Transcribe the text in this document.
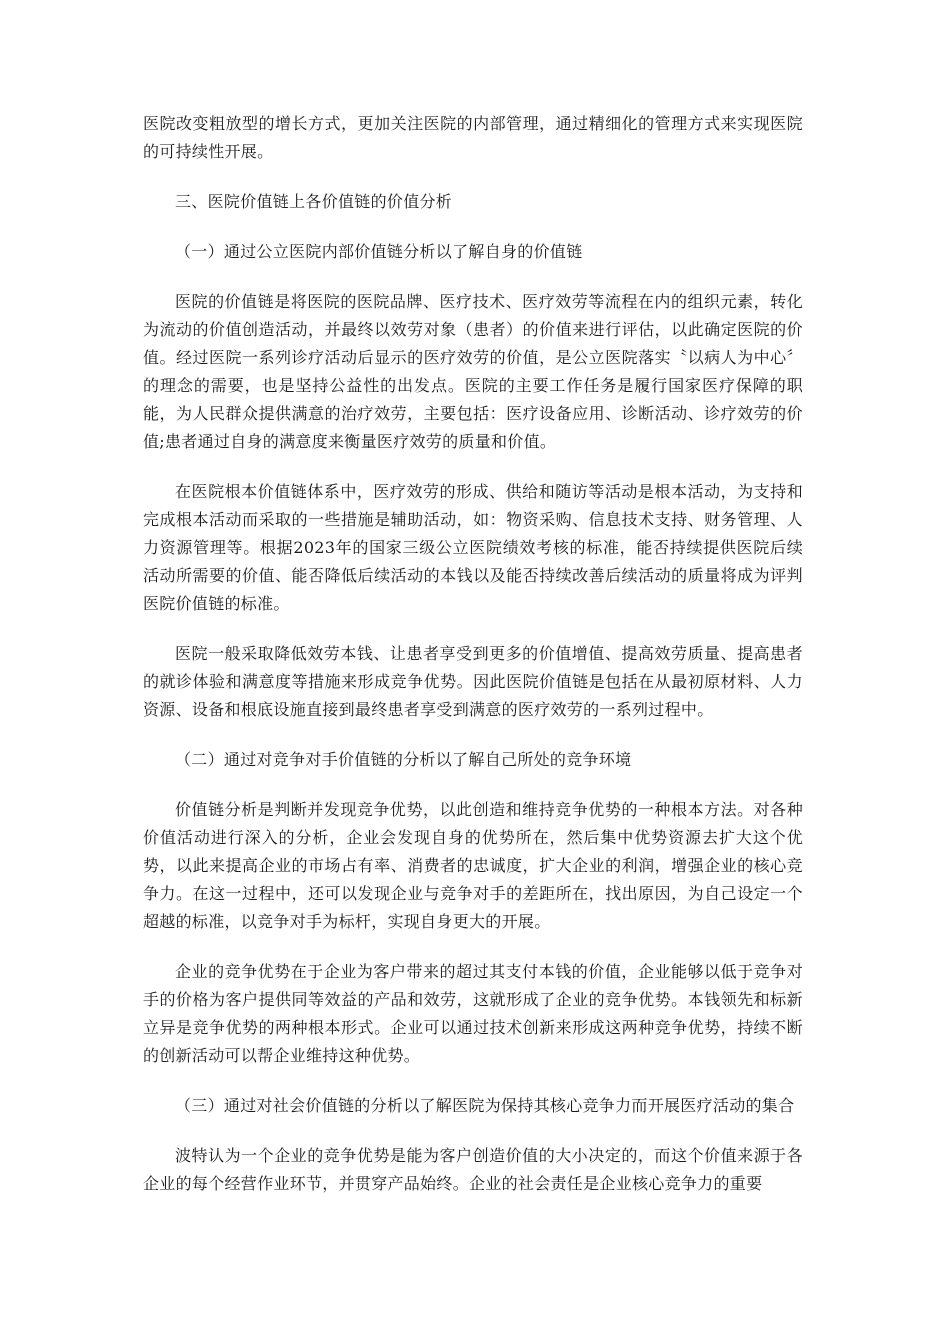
医院改变粗放型的增长方式，更加关注医院的内部管理，通过精细化的管理方式来实现医院的可持续性开展。

三、医院价值链上各价值链的价值分析

（一）通过公立医院内部价值链分析以了解自身的价值链

医院的价值链是将医院的医院品牌、医疗技术、医疗效劳等流程在内的组织元素，转化为流动的价值创造活动，并最终以效劳对象（患者）的价值来进行评估，以此确定医院的价值。经过医院一系列诊疗活动后显示的医疗效劳的价值，是公立医院落实〝以病人为中心〞的理念的需要，也是坚持公益性的出发点。医院的主要工作任务是履行国家医疗保障的职能，为人民群众提供满意的治疗效劳，主要包括：医疗设备应用、诊断活动、诊疗效劳的价值;患者通过自身的满意度来衡量医疗效劳的质量和价值。

在医院根本价值链体系中，医疗效劳的形成、供给和随访等活动是根本活动，为支持和完成根本活动而采取的一些措施是辅助活动，如：物资采购、信息技术支持、财务管理、人力资源管理等。根据2023年的国家三级公立医院绩效考核的标准，能否持续提供医院后续活动所需要的价值、能否降低后续活动的本钱以及能否持续改善后续活动的质量将成为评判医院价值链的标准。

医院一般采取降低效劳本钱、让患者享受到更多的价值增值、提高效劳质量、提高患者的就诊体验和满意度等措施来形成竞争优势。因此医院价值链是包括在从最初原材料、人力资源、设备和根底设施直接到最终患者享受到满意的医疗效劳的一系列过程中。

（二）通过对竞争对手价值链的分析以了解自己所处的竞争环境

价值链分析是判断并发现竞争优势，以此创造和维持竞争优势的一种根本方法。对各种价值活动进行深入的分析，企业会发现自身的优势所在，然后集中优势资源去扩大这个优势，以此来提高企业的市场占有率、消费者的忠诚度，扩大企业的利润，增强企业的核心竞争力。在这一过程中，还可以发现企业与竞争对手的差距所在，找出原因，为自己设定一个超越的标准，以竞争对手为标杆，实现自身更大的开展。

企业的竞争优势在于企业为客户带来的超过其支付本钱的价值，企业能够以低于竞争对手的价格为客户提供同等效益的产品和效劳，这就形成了企业的竞争优势。本钱领先和标新立异是竞争优势的两种根本形式。企业可以通过技术创新来形成这两种竞争优势，持续不断的创新活动可以帮企业维持这种优势。

（三）通过对社会价值链的分析以了解医院为保持其核心竞争力而开展医疗活动的集合

波特认为一个企业的竞争优势是能为客户创造价值的大小决定的，而这个价值来源于各企业的每个经营作业环节，并贯穿产品始终。企业的社会责任是企业核心竞争力的重要
